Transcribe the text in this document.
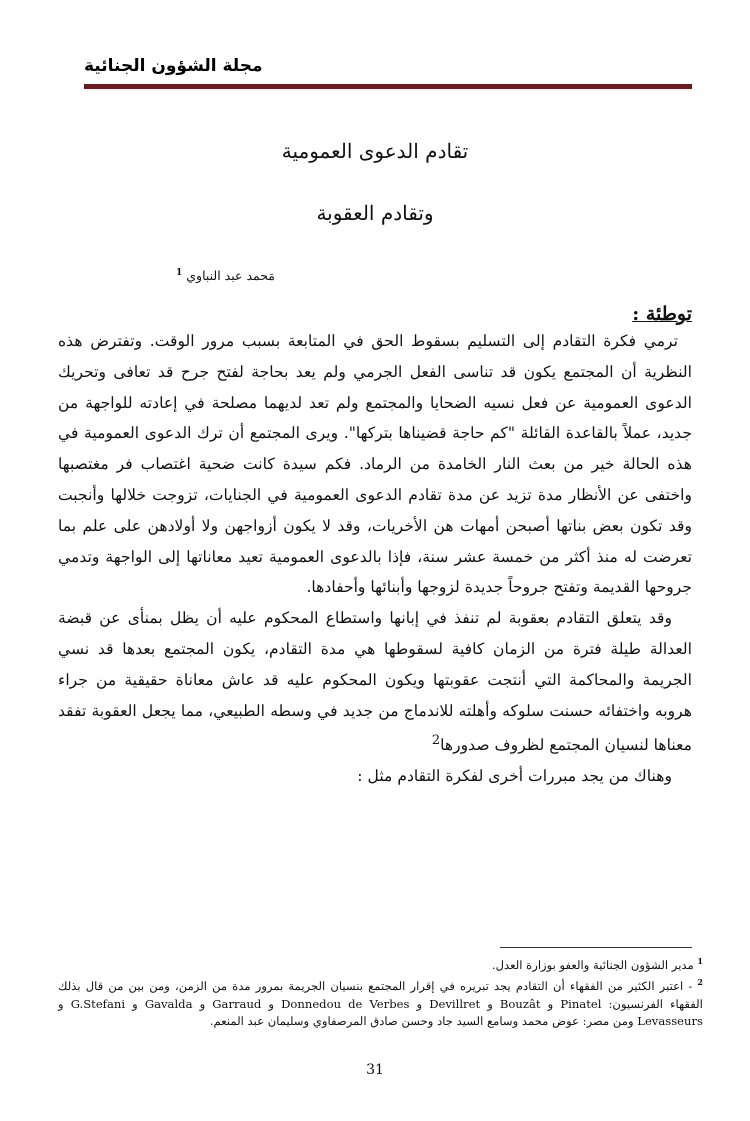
مجلة الشؤون الجنائية
تقادم الدعوى العمومية
وتقادم العقوبة
مَحمد عبد النباوي $^1$
توطئة :

ترمي فكرة التقادم إلى التسليم بسقوط الحق في المتابعة بسبب مرور الوقت. وتفترض هذه النظرية أن المجتمع يكون قد تناسى الفعل الجرمي ولم يعد بحاجة لفتح جرح قد تعافى وتحريك الدعوى العمومية عن فعل نسيه الضحايا والمجتمع ولم تعد لديهما مصلحة في إعادته للواجهة من جديد، عملاً بالقاعدة القائلة "كم حاجة قضيناها بتركها". ويرى المجتمع أن ترك الدعوى العمومية في هذه الحالة خير من بعث النار الخامدة من الرماد. فكم سيدة كانت ضحية اغتصاب فر مغتصبها واختفى عن الأنظار مدة تزيد عن مدة تقادم الدعوى العمومية في الجنايات، تزوجت خلالها وأنجبت وقد تكون بعض بناتها أصبحن أمهات هن الأخريات، وقد لا يكون أزواجهن ولا أولادهن على علم بما تعرضت له منذ أكثر من خمسة عشر سنة، فإذا بالدعوى العمومية تعيد معاناتها إلى الواجهة وتدمي جروحها القديمة وتفتح جروحاً جديدة لزوجها وأبنائها وأحفادها.

وقد يتعلق التقادم بعقوبة لم تنفذ في إبانها واستطاع المحكوم عليه أن يظل بمنأى عن قبضة العدالة طيلة فترة من الزمان كافية لسقوطها هي مدة التقادم، يكون المجتمع بعدها قد نسي الجريمة والمحاكمة التي أنتجت عقوبتها ويكون المحكوم عليه قد عاش معاناة حقيقية من جراء هروبه واختفائه حسنت سلوكه وأهلته للاندماج من جديد في وسطه الطبيعي، مما يجعل العقوبة تفقد معناها لنسيان المجتمع لظروف صدورها$^2$

وهناك من يجد مبررات أخرى لفكرة التقادم مثل :

$^1$ مدير الشؤون الجنائية والعفو بوزارة العدل.

$^2$ - اعتبر الكثير من الفقهاء أن التقادم يجد تبريره في إقرار المجتمع بنسيان الجريمة بمرور مدة من الزمن، ومن بين من قال بذلك الفقهاء الفرنسيون: Pinatel و Bouzât و Devillret و Donnedou de Verbes و Garraud و Gavalda و G.Stefani و Levasseurs ومن مصر: عوض محمد وسامع السيد جاد وحسن صادق المرصفاوي وسليمان عبد المنعم.

31
